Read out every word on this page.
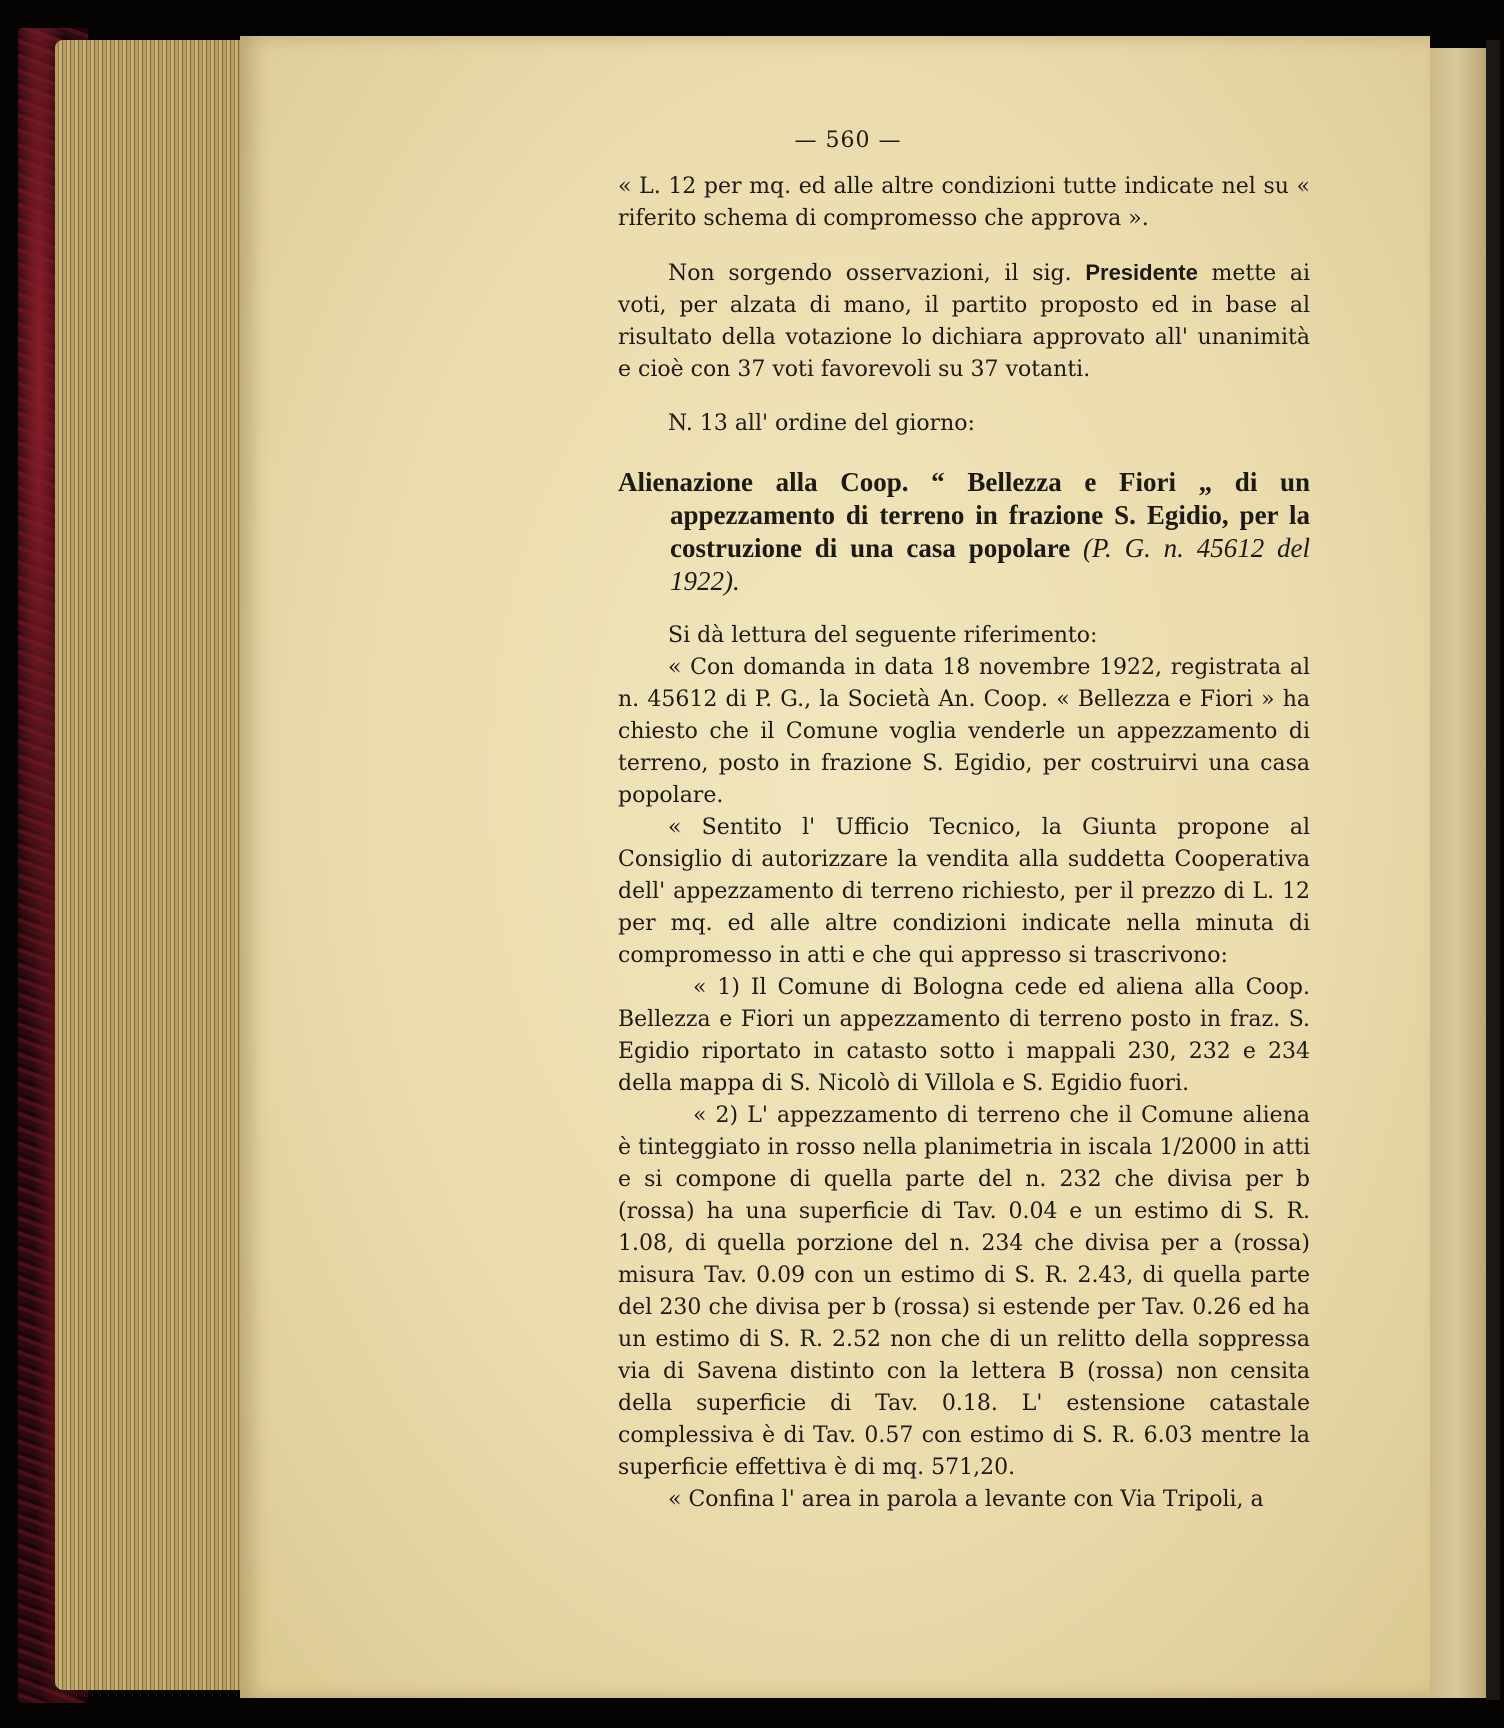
— 560 —

« L. 12 per mq. ed alle altre condizioni tutte indicate nel su « riferito schema di compromesso che approva ».

Non sorgendo osservazioni, il sig. Presidente mette ai voti, per alzata di mano, il partito proposto ed in base al risultato della votazione lo dichiara approvato all' unanimità e cioè con 37 voti favorevoli su 37 votanti.

N. 13 all' ordine del giorno:

Alienazione alla Coop. “ Bellezza e Fiori „ di un appezzamento di terreno in frazione S. Egidio, per la costruzione di una casa popolare (P. G. n. 45612 del 1922).

Si dà lettura del seguente riferimento:

« Con domanda in data 18 novembre 1922, registrata al n. 45612 di P. G., la Società An. Coop. « Bellezza e Fiori » ha chiesto che il Comune voglia venderle un appezzamento di terreno, posto in frazione S. Egidio, per costruirvi una casa popolare.

« Sentito l' Ufficio Tecnico, la Giunta propone al Consiglio di autorizzare la vendita alla suddetta Cooperativa dell' appezzamento di terreno richiesto, per il prezzo di L. 12 per mq. ed alle altre condizioni indicate nella minuta di compromesso in atti e che qui appresso si trascrivono:

« 1) Il Comune di Bologna cede ed aliena alla Coop. Bellezza e Fiori un appezzamento di terreno posto in fraz. S. Egidio riportato in catasto sotto i mappali 230, 232 e 234 della mappa di S. Nicolò di Villola e S. Egidio fuori.

« 2) L' appezzamento di terreno che il Comune aliena è tinteggiato in rosso nella planimetria in iscala 1/2000 in atti e si compone di quella parte del n. 232 che divisa per b (rossa) ha una superficie di Tav. 0.04 e un estimo di S. R. 1.08, di quella porzione del n. 234 che divisa per a (rossa) misura Tav. 0.09 con un estimo di S. R. 2.43, di quella parte del 230 che divisa per b (rossa) si estende per Tav. 0.26 ed ha un estimo di S. R. 2.52 non che di un relitto della soppressa via di Savena distinto con la lettera B (rossa) non censita della superficie di Tav. 0.18. L' estensione catastale complessiva è di Tav. 0.57 con estimo di S. R. 6.03 mentre la superficie effettiva è di mq. 571,20.

« Confina l' area in parola a levante con Via Tripoli, a
